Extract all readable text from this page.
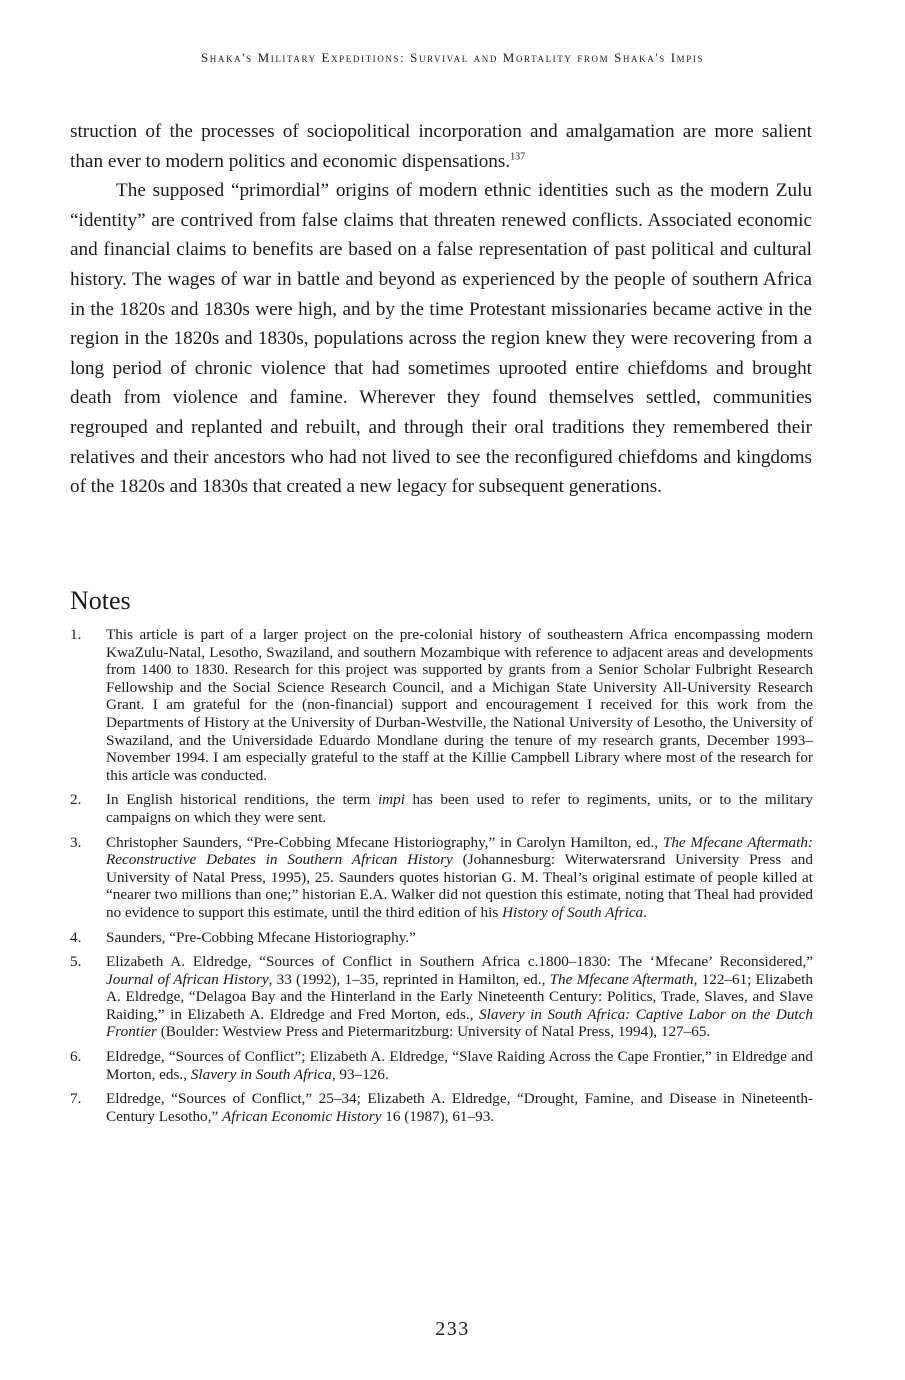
Shaka's Military Expeditions: Survival and Mortality from Shaka's Impis

struction of the processes of sociopolitical incorporation and amalgamation are more salient than ever to modern politics and economic dispensations.$^{137}$

The supposed “primordial” origins of modern ethnic identities such as the modern Zulu “identity” are contrived from false claims that threaten renewed conflicts. Associated economic and financial claims to benefits are based on a false representation of past political and cultural history. The wages of war in battle and beyond as experienced by the people of southern Africa in the 1820s and 1830s were high, and by the time Protestant missionaries became active in the region in the 1820s and 1830s, populations across the region knew they were recovering from a long period of chronic violence that had sometimes uprooted entire chiefdoms and brought death from violence and famine. Wherever they found themselves settled, communities regrouped and replanted and rebuilt, and through their oral traditions they remembered their relatives and their ancestors who had not lived to see the reconfigured chiefdoms and kingdoms of the 1820s and 1830s that created a new legacy for subsequent generations.

Notes
1.	This article is part of a larger project on the pre-colonial history of southeastern Africa encompassing modern KwaZulu-Natal, Lesotho, Swaziland, and southern Mozambique with reference to adjacent areas and developments from 1400 to 1830. Research for this project was supported by grants from a Senior Scholar Fulbright Research Fellowship and the Social Science Research Council, and a Michigan State University All-University Research Grant. I am grateful for the (non-financial) support and encouragement I received for this work from the Departments of History at the University of Durban-Westville, the National University of Lesotho, the University of Swaziland, and the Universidade Eduardo Mondlane during the tenure of my research grants, December 1993–November 1994. I am especially grateful to the staff at the Killie Campbell Library where most of the research for this article was conducted.
2.	In English historical renditions, the term impi has been used to refer to regiments, units, or to the military campaigns on which they were sent.
3.	Christopher Saunders, “Pre-Cobbing Mfecane Historiography,” in Carolyn Hamilton, ed., The Mfecane Aftermath: Reconstructive Debates in Southern African History (Johannesburg: Witerwatersrand University Press and University of Natal Press, 1995), 25. Saunders quotes historian G. M. Theal’s original estimate of people killed at “nearer two millions than one;” historian E.A. Walker did not question this estimate, noting that Theal had provided no evidence to support this estimate, until the third edition of his History of South Africa.
4.	Saunders, “Pre-Cobbing Mfecane Historiography.”
5.	Elizabeth A. Eldredge, “Sources of Conflict in Southern Africa c.1800–1830: The ‘Mfecane’ Reconsidered,” Journal of African History, 33 (1992), 1–35, reprinted in Hamilton, ed., The Mfecane Aftermath, 122–61; Elizabeth A. Eldredge, “Delagoa Bay and the Hinterland in the Early Nineteenth Century: Politics, Trade, Slaves, and Slave Raiding,” in Elizabeth A. Eldredge and Fred Morton, eds., Slavery in South Africa: Captive Labor on the Dutch Frontier (Boulder: Westview Press and Pietermaritzburg: University of Natal Press, 1994), 127–65.
6.	Eldredge, “Sources of Conflict”; Elizabeth A. Eldredge, “Slave Raiding Across the Cape Frontier,” in Eldredge and Morton, eds., Slavery in South Africa, 93–126.
7.	Eldredge, “Sources of Conflict,” 25–34; Elizabeth A. Eldredge, “Drought, Famine, and Disease in Nineteenth-Century Lesotho,” African Economic History 16 (1987), 61–93.
233
